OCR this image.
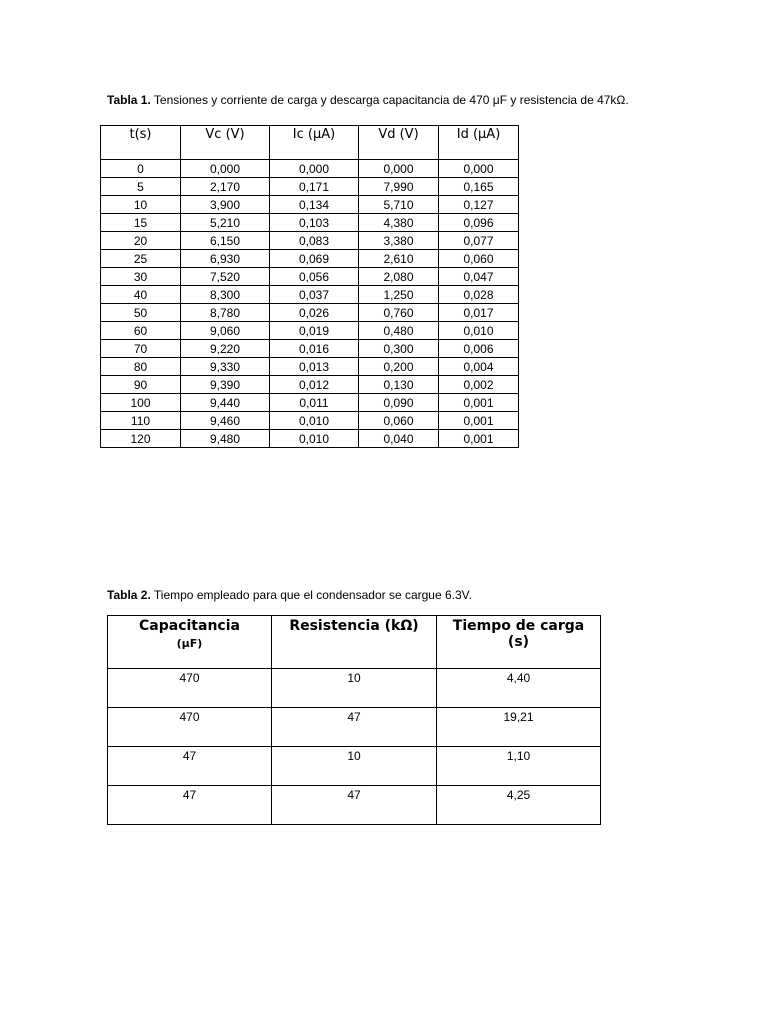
Tabla 1. Tensiones y corriente de carga y descarga capacitancia de 470 μF y resistencia de 47kΩ.
t(s)	Vc (V)	Ic (μA)	Vd (V)	Id (μA)
0	0,000	0,000	0,000	0,000
5	2,170	0,171	7,990	0,165
10	3,900	0,134	5,710	0,127
15	5,210	0,103	4,380	0,096
20	6,150	0,083	3,380	0,077
25	6,930	0,069	2,610	0,060
30	7,520	0,056	2,080	0,047
40	8,300	0,037	1,250	0,028
50	8,780	0,026	0,760	0,017
60	9,060	0,019	0,480	0,010
70	9,220	0,016	0,300	0,006
80	9,330	0,013	0,200	0,004
90	9,390	0,012	0,130	0,002
100	9,440	0,011	0,090	0,001
110	9,460	0,010	0,060	0,001
120	9,480	0,010	0,040	0,001
Tabla 2. Tiempo empleado para que el condensador se cargue 6.3V.
Capacitancia
(μF)	Resistencia (kΩ)	Tiempo de carga (s)
470	10	4,40
470	47	19,21
47	10	1,10
47	47	4,25
